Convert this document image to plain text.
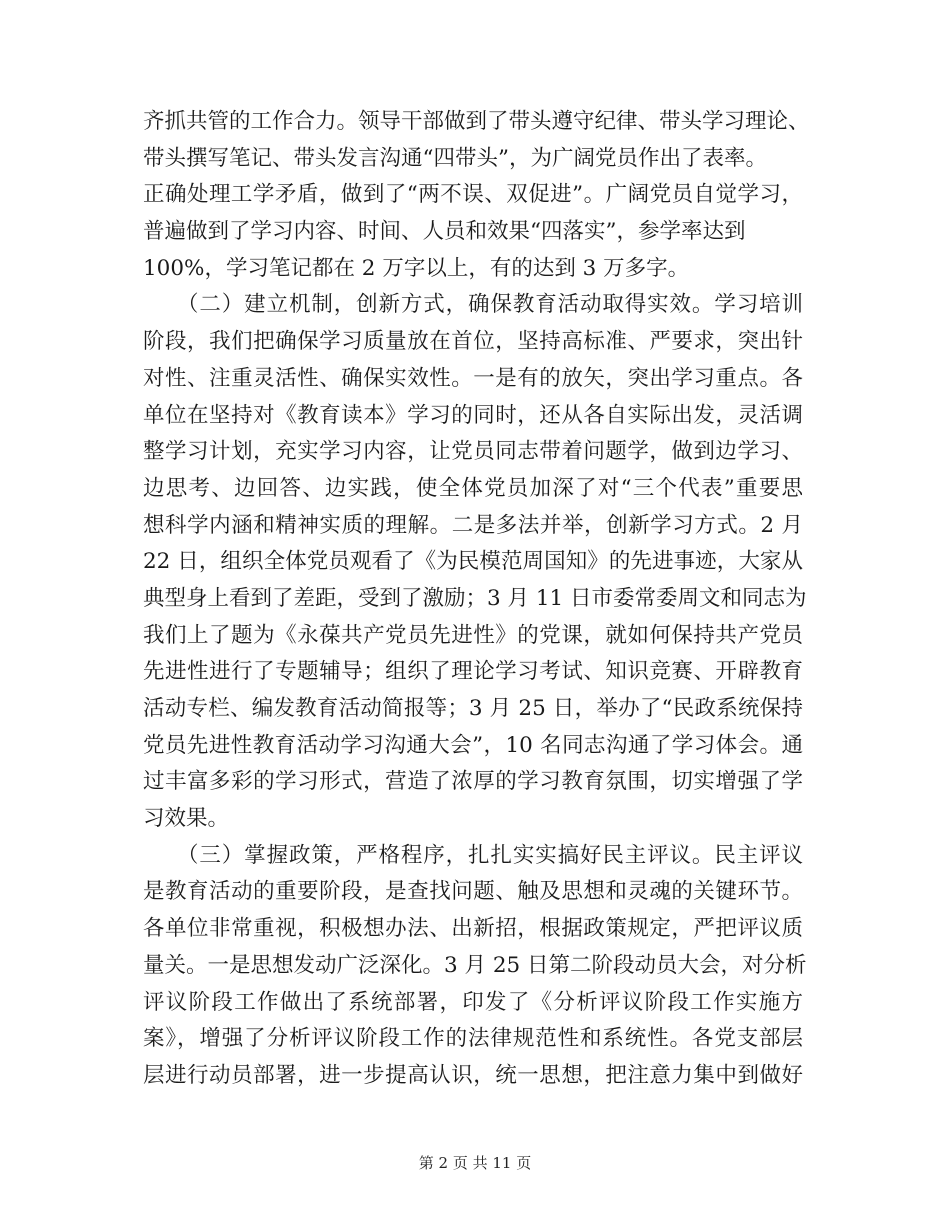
齐抓共管的工作合力。领导干部做到了带头遵守纪律、带头学习理论、
带头撰写笔记、带头发言沟通“四带头”，为广阔党员作出了表率。
正确处理工学矛盾，做到了“两不误、双促进”。广阔党员自觉学习，
普遍做到了学习内容、时间、人员和效果“四落实”，参学率达到
100%，学习笔记都在 2 万字以上，有的达到 3 万多字。
　　（二）建立机制，创新方式，确保教育活动取得实效。学习培训
阶段，我们把确保学习质量放在首位，坚持高标准、严要求，突出针
对性、注重灵活性、确保实效性。一是有的放矢，突出学习重点。各
单位在坚持对《教育读本》学习的同时，还从各自实际出发，灵活调
整学习计划，充实学习内容，让党员同志带着问题学，做到边学习、
边思考、边回答、边实践，使全体党员加深了对“三个代表”重要思
想科学内涵和精神实质的理解。二是多法并举，创新学习方式。2 月
22 日，组织全体党员观看了《为民模范周国知》的先进事迹，大家从
典型身上看到了差距，受到了激励；3 月 11 日市委常委周文和同志为
我们上了题为《永葆共产党员先进性》的党课，就如何保持共产党员
先进性进行了专题辅导；组织了理论学习考试、知识竞赛、开辟教育
活动专栏、编发教育活动简报等；3 月 25 日，举办了“民政系统保持
党员先进性教育活动学习沟通大会”，10 名同志沟通了学习体会。通
过丰富多彩的学习形式，营造了浓厚的学习教育氛围，切实增强了学
习效果。
　　（三）掌握政策，严格程序，扎扎实实搞好民主评议。民主评议
是教育活动的重要阶段，是查找问题、触及思想和灵魂的关键环节。
各单位非常重视，积极想办法、出新招，根据政策规定，严把评议质
量关。一是思想发动广泛深化。3 月 25 日第二阶段动员大会，对分析
评议阶段工作做出了系统部署，印发了《分析评议阶段工作实施方
案》，增强了分析评议阶段工作的法律规范性和系统性。各党支部层
层进行动员部署，进一步提高认识，统一思想，把注意力集中到做好
第 2 页 共 11 页
